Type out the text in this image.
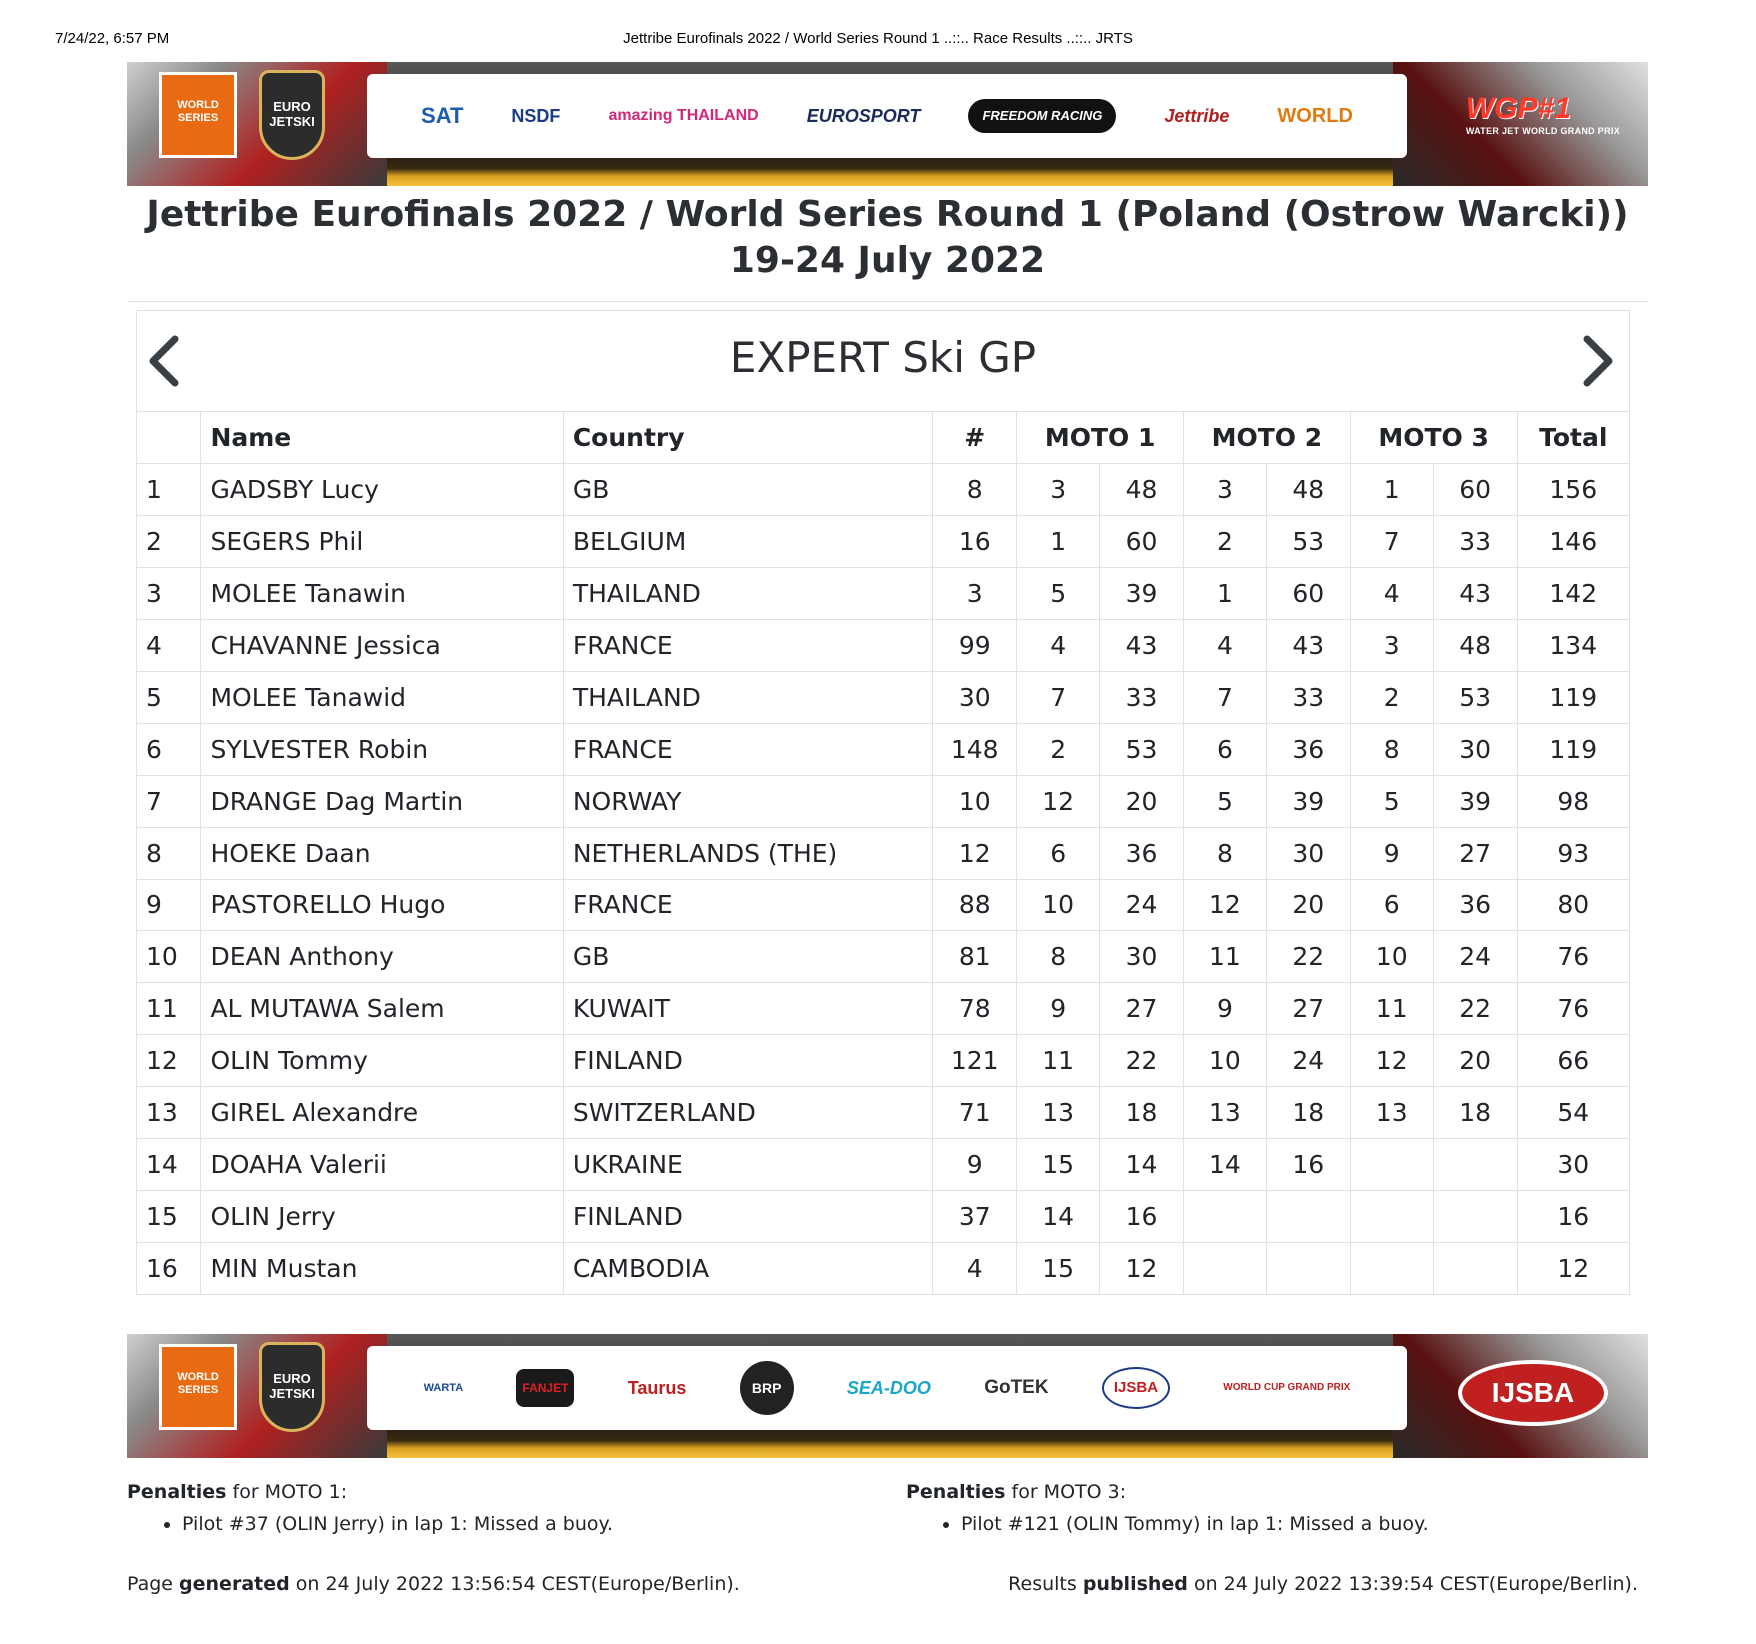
7/24/22, 6:57 PM	Jettribe Eurofinals 2022 / World Series Round 1 ..::.. Race Results ..::.. JRTS
WORLD SERIES
EURO JETSKI	SAT	NSDF	amazing THAILAND	EUROSPORT	FREEDOM RACING	Jettribe WORLD	WGP#1
WATER JET WORLD GRAND PRIX
Jettribe Eurofinals 2022 / World Series Round 1 (Poland (Ostrow Warcki))
19-24 July 2022
EXPERT Ski GP
	Name	Country	#	MOTO 1		MOTO 2		MOTO 3		Total
1	GADSBY Lucy	GB	8	3	48	3	48	1	60	156
2	SEGERS Phil	BELGIUM	16	1	60	2	53	7	33	146
3	MOLEE Tanawin	THAILAND	3	5	39	1	60	4	43	142
4	CHAVANNE Jessica	FRANCE	99	4	43	4	43	3	48	134
5	MOLEE Tanawid	THAILAND	30	7	33	7	33	2	53	119
6	SYLVESTER Robin	FRANCE	148	2	53	6	36	8	30	119
7	DRANGE Dag Martin	NORWAY	10	12	20	5	39	5	39	98
8	HOEKE Daan	NETHERLANDS (THE)	12	6	36	8	30	9	27	93
9	PASTORELLO Hugo	FRANCE	88	10	24	12	20	6	36	80
10	DEAN Anthony	GB	81	8	30	11	22	10	24	76
11	AL MUTAWA Salem	KUWAIT	78	9	27	9	27	11	22	76
12	OLIN Tommy	FINLAND	121	11	22	10	24	12	20	66
13	GIREL Alexandre	SWITZERLAND	71	13	18	13	18	13	18	54
14	DOAHA Valerii	UKRAINE	9	15	14	14	16			30
15	OLIN Jerry	FINLAND	37	14	16					16
16	MIN Mustan	CAMBODIA	4	15	12					12
WORLD SERIES
EURO JETSKI	WARTA	FANJET	Taurus	BRP	SEA-DOO	GoTEK	IJSBA	WORLD CUP GRAND PRIX	IJSBA
Penalties for MOTO 1:
• Pilot #37 (OLIN Jerry) in lap 1: Missed a buoy.
Penalties for MOTO 3:
• Pilot #121 (OLIN Tommy) in lap 1: Missed a buoy.
Page generated on 24 July 2022 13:56:54 CEST(Europe/Berlin).	Results published on 24 July 2022 13:39:54 CEST(Europe/Berlin).
